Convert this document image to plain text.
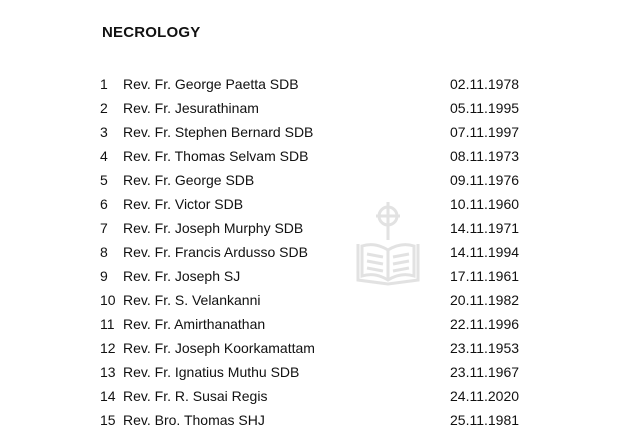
NECROLOGY
1 Rev. Fr. George Paetta SDB	02.11.1978
2 Rev. Fr. Jesurathinam	05.11.1995
3 Rev. Fr. Stephen Bernard SDB	07.11.1997
4 Rev. Fr. Thomas Selvam SDB	08.11.1973
5 Rev. Fr. George SDB	09.11.1976
6 Rev. Fr. Victor SDB	10.11.1960
7 Rev. Fr. Joseph Murphy SDB	14.11.1971
8 Rev. Fr. Francis Ardusso SDB	14.11.1994
9 Rev. Fr. Joseph SJ	17.11.1961
10 Rev. Fr. S. Velankanni	20.11.1982
11 Rev. Fr. Amirthanathan	22.11.1996
12 Rev. Fr. Joseph Koorkamattam	23.11.1953
13 Rev. Fr. Ignatius Muthu SDB	23.11.1967
14 Rev. Fr. R. Susai Regis	24.11.2020
15 Rev. Bro. Thomas SHJ	25.11.1981
